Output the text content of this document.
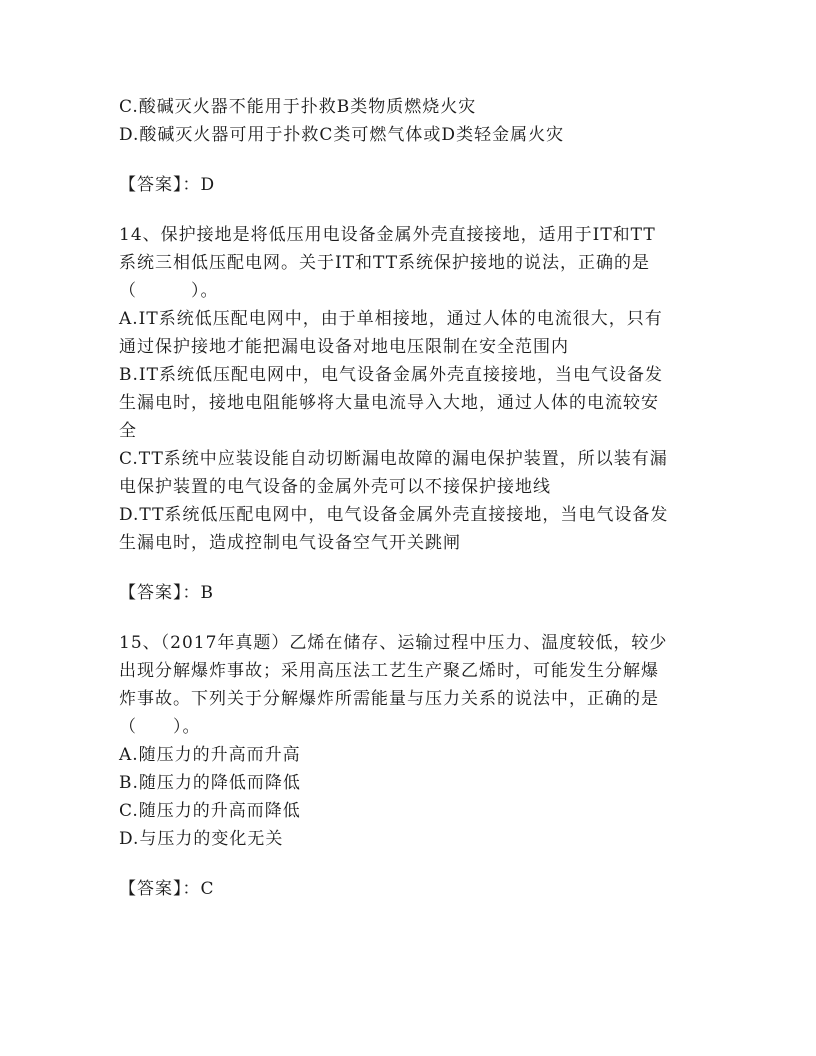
C.酸碱灭火器不能用于扑救B类物质燃烧火灾
D.酸碱灭火器可用于扑救C类可燃气体或D类轻金属火灾
【答案】：D
14、保护接地是将低压用电设备金属外壳直接接地，适用于IT和TT
系统三相低压配电网。关于IT和TT系统保护接地的说法，正确的是
（　　　）。
A.IT系统低压配电网中，由于单相接地，通过人体的电流很大，只有
通过保护接地才能把漏电设备对地电压限制在安全范围内
B.IT系统低压配电网中，电气设备金属外壳直接接地，当电气设备发
生漏电时，接地电阻能够将大量电流导入大地，通过人体的电流较安
全
C.TT系统中应装设能自动切断漏电故障的漏电保护装置，所以装有漏
电保护装置的电气设备的金属外壳可以不接保护接地线
D.TT系统低压配电网中，电气设备金属外壳直接接地，当电气设备发
生漏电时，造成控制电气设备空气开关跳闸
【答案】：B
15、（2017年真题）乙烯在储存、运输过程中压力、温度较低，较少
出现分解爆炸事故；采用高压法工艺生产聚乙烯时，可能发生分解爆
炸事故。下列关于分解爆炸所需能量与压力关系的说法中，正确的是
（　　）。
A.随压力的升高而升高
B.随压力的降低而降低
C.随压力的升高而降低
D.与压力的变化无关
【答案】：C
